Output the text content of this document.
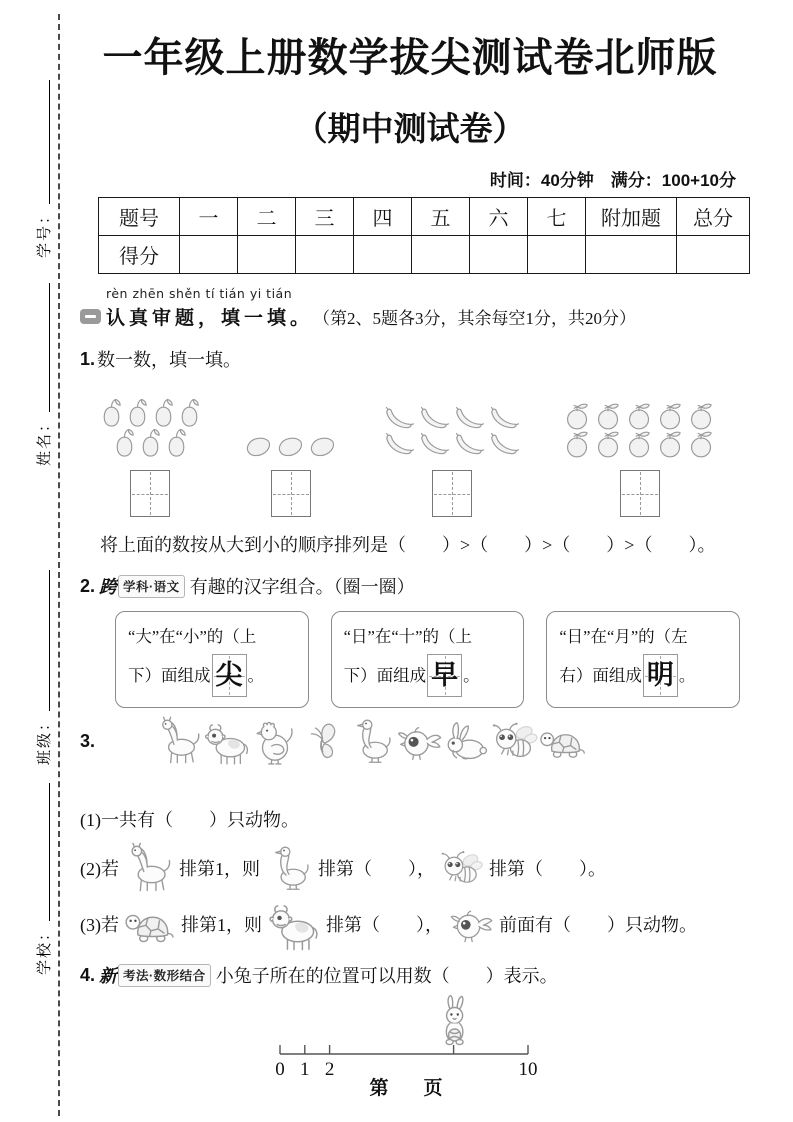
学号：
姓名：
班级：
学校：
一年级上册数学拔尖测试卷北师版
（期中测试卷）
时间：40分钟　满分：100+10分
题号	一	二	三	四	五	六	七	附加题	总分
得分									
rèn zhēn shěn tí tián yi tián
认真审题，填一填。 （第2、5题各3分，其余每空1分，共20分）
1. 数一数，填一填。
将上面的数按从大到小的顺序排列是（　　）>（　　）>（　　）>（　　）。
2. 跨 学科·语文 有趣的汉字组合。（圈一圈）
“大”在“小”的（上
下）面组成 尖 。
“日”在“十”的（上
下）面组成 早 。
“日”在“月”的（左
右）面组成 明 。
3.
(1)一共有（　　）只动物。
(2)若	排第1，则	排第（　　），	排第（　　）。
(3)若	排第1，则	排第（　　），	前面有（　　）只动物。
4. 新 考法·数形结合 小兔子所在的位置可以用数（　　）表示。
0 1 2	10
第　页
